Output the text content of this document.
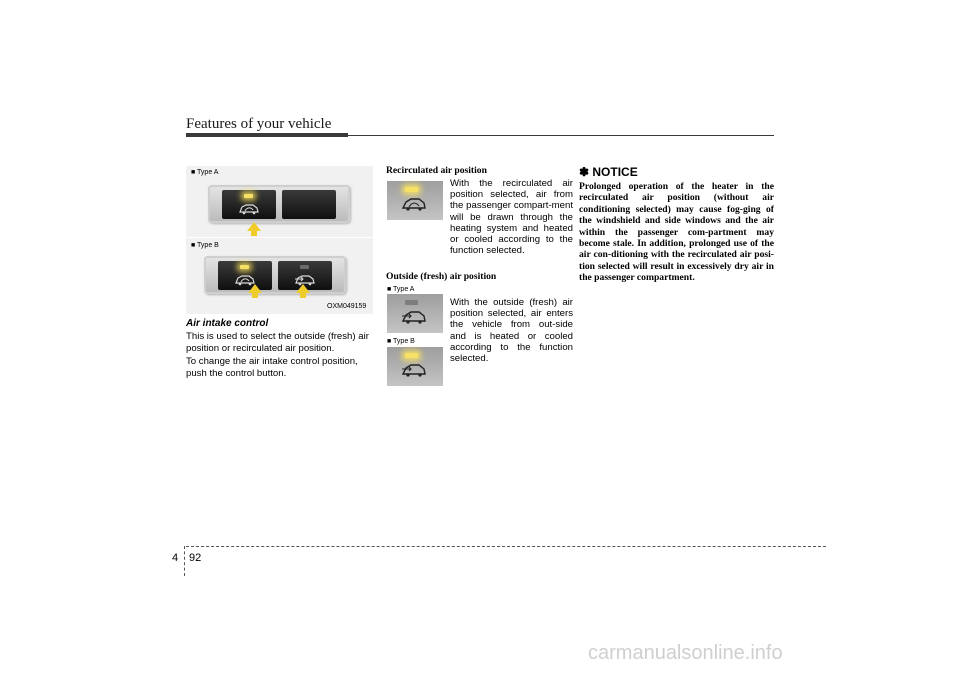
Features of your vehicle
■ Type A
■ Type B
OXM049159
Air intake control

This is used to select the outside (fresh) air position or recirculated air position.

To change the air intake control position, push the control button.

Recirculated air position

With the recirculated air position selected, air from the passenger compart-ment will be drawn through the heating system and heated or cooled according to the function selected.

Outside (fresh) air position
■ Type A
■ Type B

With the outside (fresh) air position selected, air enters the vehicle from out-side and is heated or cooled according to the function selected.

✽ NOTICE

Prolonged operation of the heater in the recirculated air position (without air conditioning selected) may cause fog-ging of the windshield and side windows and the air within the passenger com-partment may become stale. In addition, prolonged use of the air con-ditioning with the recirculated air posi-tion selected will result in excessively dry air in the passenger compartment.

4 92
carmanualsonline.info
